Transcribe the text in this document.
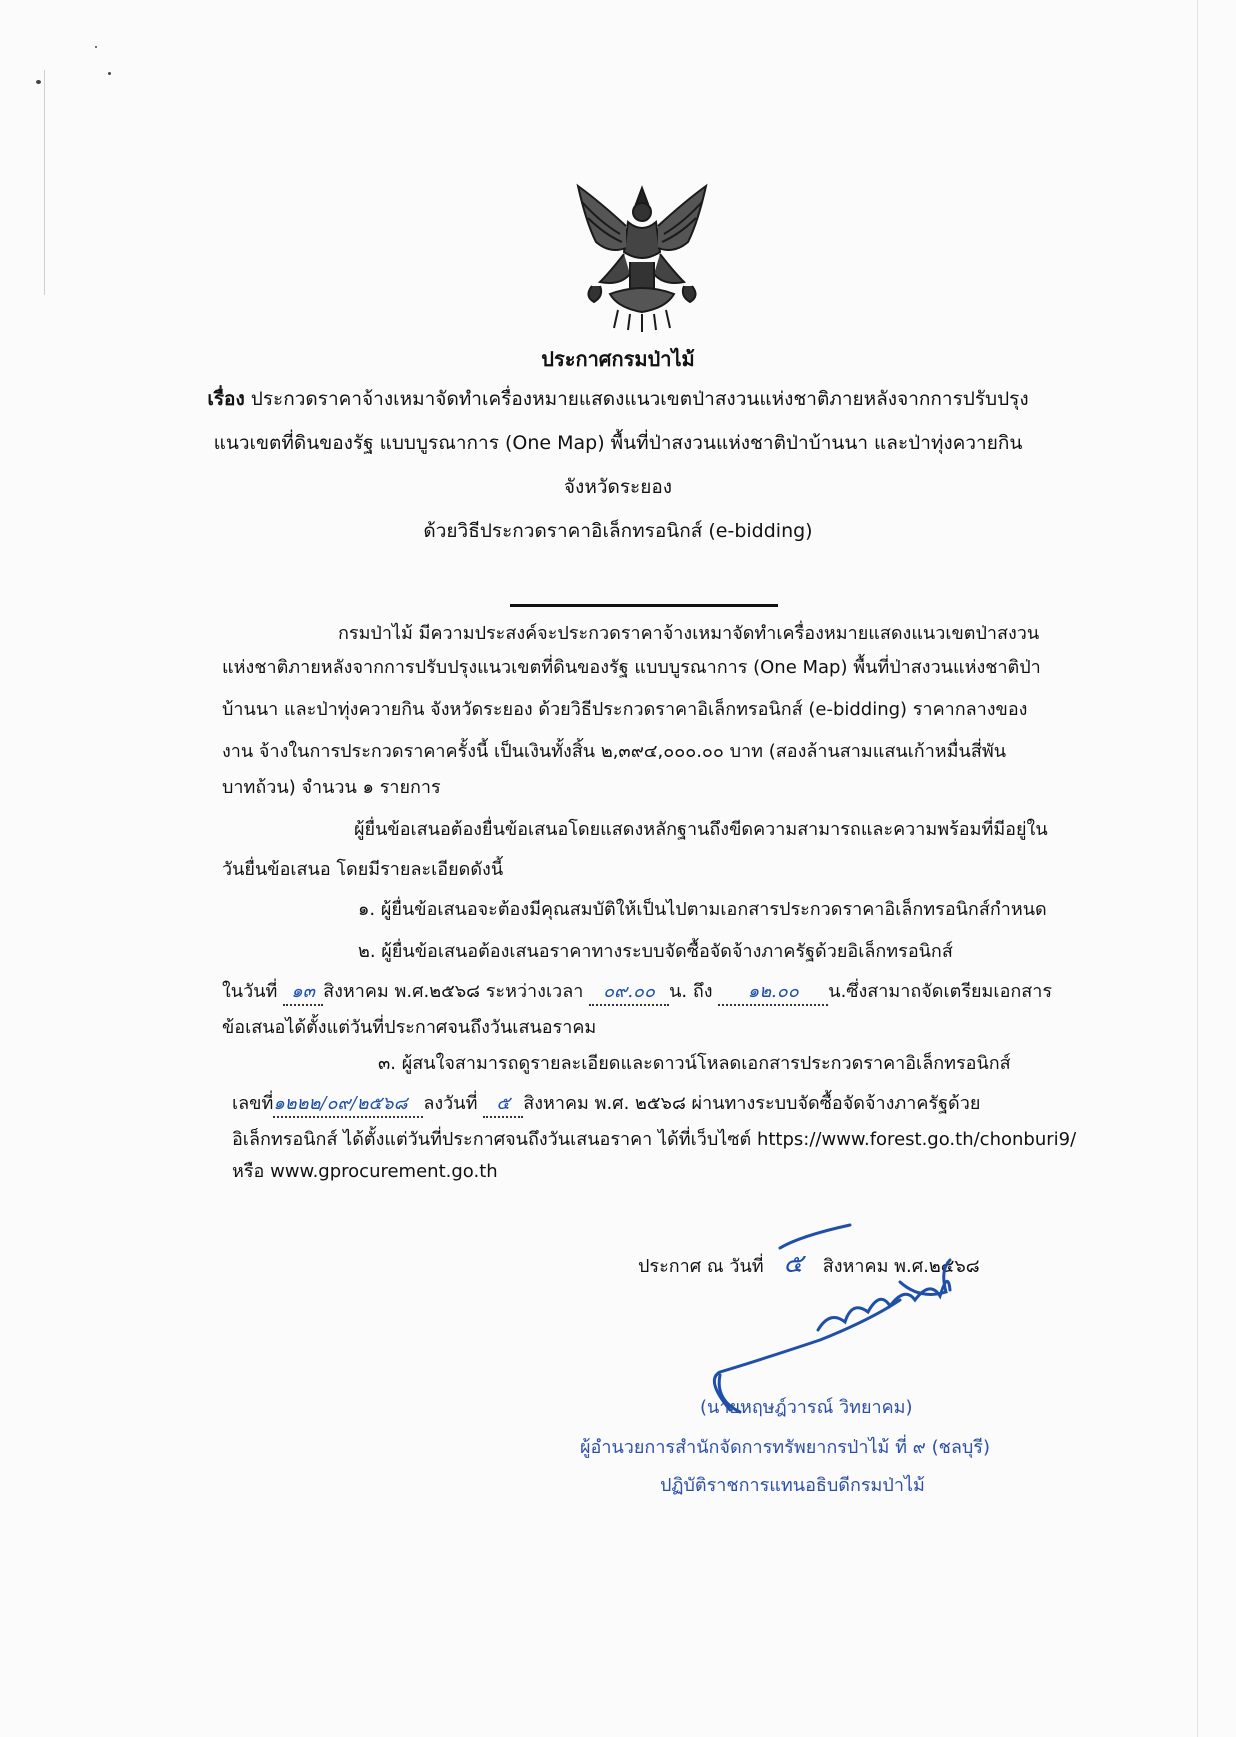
ประกาศกรมป่าไม้
เรื่อง ประกวดราคาจ้างเหมาจัดทำเครื่องหมายแสดงแนวเขตป่าสงวนแห่งชาติภายหลังจากการปรับปรุง
แนวเขตที่ดินของรัฐ แบบบูรณาการ (One Map) พื้นที่ป่าสงวนแห่งชาติป่าบ้านนา และป่าทุ่งควายกิน
จังหวัดระยอง
ด้วยวิธีประกวดราคาอิเล็กทรอนิกส์ (e-bidding)
กรมป่าไม้ มีความประสงค์จะประกวดราคาจ้างเหมาจัดทำเครื่องหมายแสดงแนวเขตป่าสงวน
แห่งชาติภายหลังจากการปรับปรุงแนวเขตที่ดินของรัฐ แบบบูรณาการ (One Map) พื้นที่ป่าสงวนแห่งชาติป่า
บ้านนา และป่าทุ่งควายกิน จังหวัดระยอง ด้วยวิธีประกวดราคาอิเล็กทรอนิกส์ (e-bidding) ราคากลางของ
งาน จ้างในการประกวดราคาครั้งนี้ เป็นเงินทั้งสิ้น ๒,๓๙๔,๐๐๐.๐๐ บาท (สองล้านสามแสนเก้าหมื่นสี่พัน
บาทถ้วน) จำนวน ๑ รายการ
ผู้ยื่นข้อเสนอต้องยื่นข้อเสนอโดยแสดงหลักฐานถึงขีดความสามารถและความพร้อมที่มีอยู่ใน
วันยื่นข้อเสนอ โดยมีรายละเอียดดังนี้
๑. ผู้ยื่นข้อเสนอจะต้องมีคุณสมบัติให้เป็นไปตามเอกสารประกวดราคาอิเล็กทรอนิกส์กำหนด
๒. ผู้ยื่นข้อเสนอต้องเสนอราคาทางระบบจัดซื้อจัดจ้างภาครัฐด้วยอิเล็กทรอนิกส์
ในวันที่ ๑๓ สิงหาคม พ.ศ.๒๕๖๘ ระหว่างเวลา ๐๙.๐๐ น. ถึง ๑๒.๐๐ น.ซึ่งสามาถจัดเตรียมเอกสาร
ข้อเสนอได้ตั้งแต่วันที่ประกาศจนถึงวันเสนอราคม
๓. ผู้สนใจสามารถดูรายละเอียดและดาวน์โหลดเอกสารประกวดราคาอิเล็กทรอนิกส์
เลขที่๑๒๒๒/๐๙/๒๕๖๘ ลงวันที่ ๕ สิงหาคม พ.ศ. ๒๕๖๘ ผ่านทางระบบจัดซื้อจัดจ้างภาครัฐด้วย
อิเล็กทรอนิกส์ ได้ตั้งแต่วันที่ประกาศจนถึงวันเสนอราคา ได้ที่เว็บไซต์ https://www.forest.go.th/chonburi9/
หรือ www.gprocurement.go.th
ประกาศ ณ วันที่ ๕ สิงหาคม พ.ศ.๒๕๖๘
(นายหฤษฎ์วารณ์ วิทยาคม)
ผู้อำนวยการสำนักจัดการทรัพยากรป่าไม้ ที่ ๙ (ชลบุรี)
ปฏิบัติราชการแทนอธิบดีกรมป่าไม้
